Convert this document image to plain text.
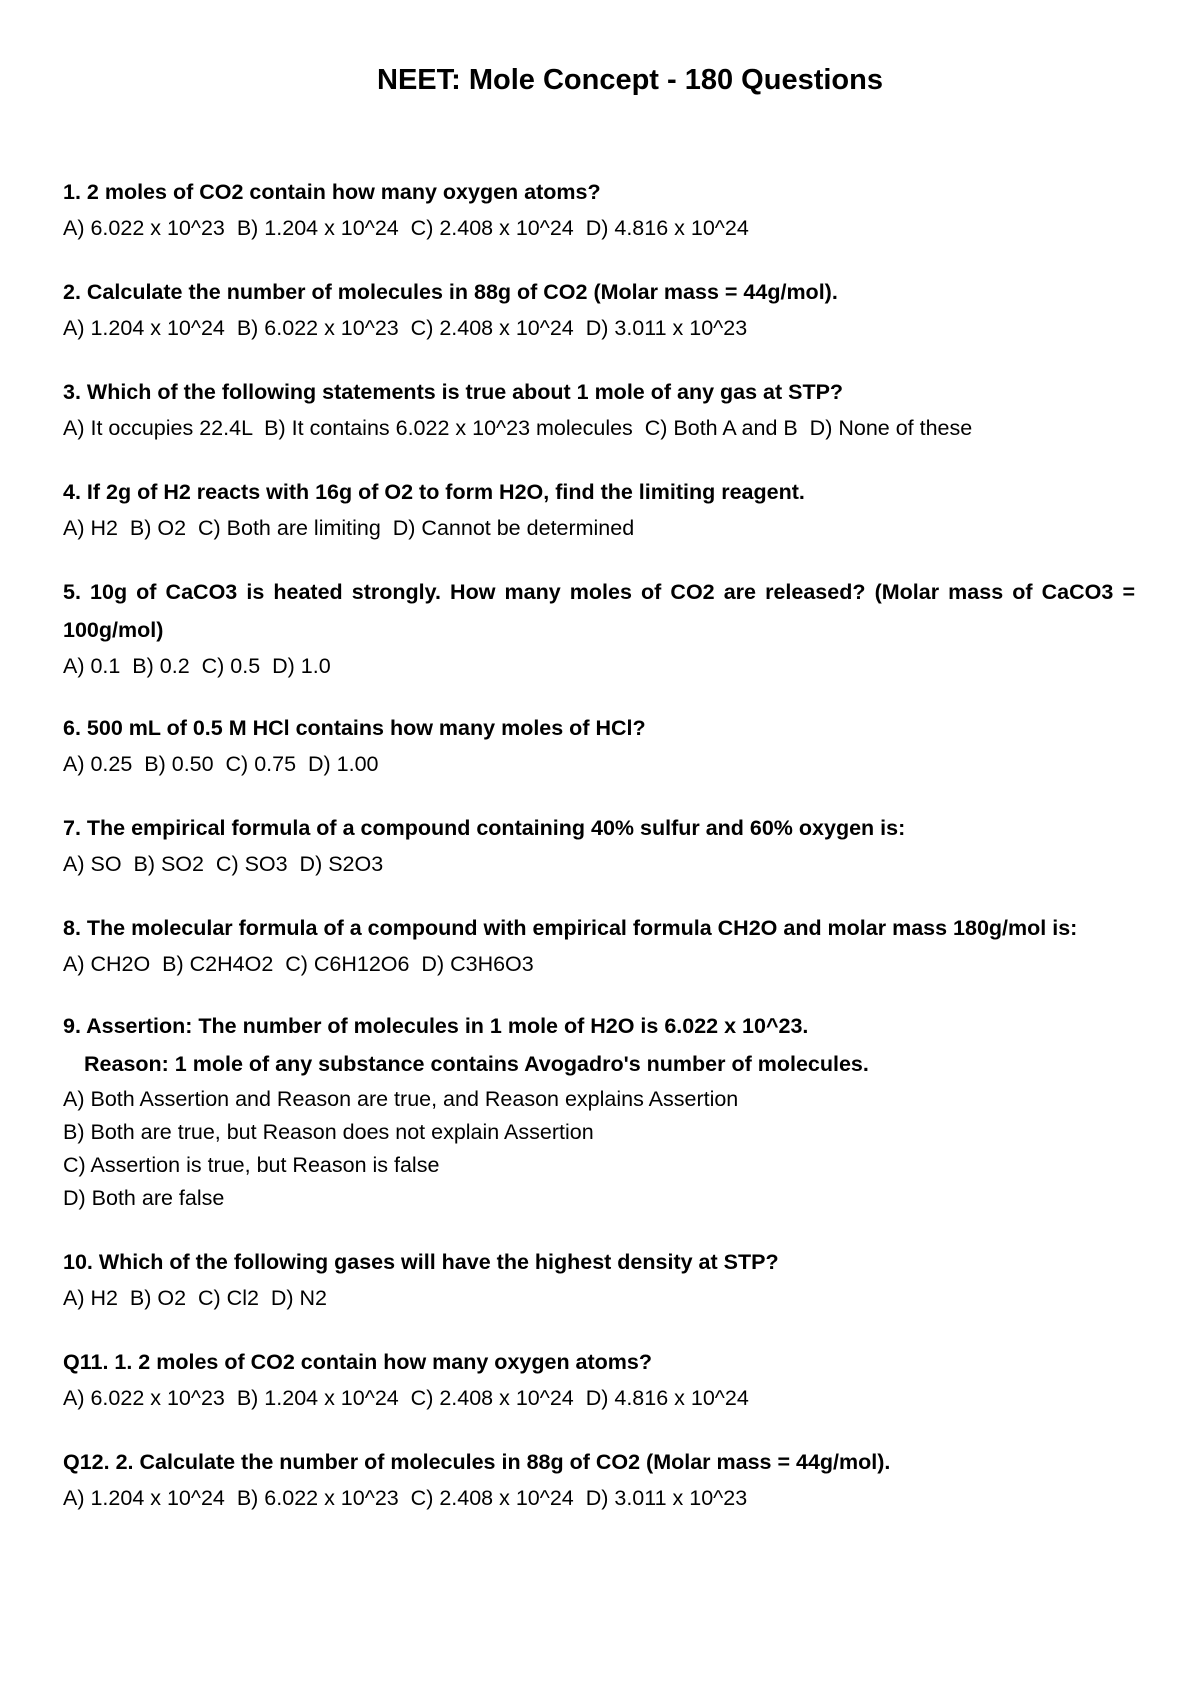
NEET: Mole Concept - 180 Questions

1. 2 moles of CO2 contain how many oxygen atoms?

A) 6.022 x 10^23  B) 1.204 x 10^24  C) 2.408 x 10^24  D) 4.816 x 10^24

2. Calculate the number of molecules in 88g of CO2 (Molar mass = 44g/mol).

A) 1.204 x 10^24  B) 6.022 x 10^23  C) 2.408 x 10^24  D) 3.011 x 10^23

3. Which of the following statements is true about 1 mole of any gas at STP?

A) It occupies 22.4L  B) It contains 6.022 x 10^23 molecules  C) Both A and B  D) None of these

4. If 2g of H2 reacts with 16g of O2 to form H2O, find the limiting reagent.

A) H2  B) O2  C) Both are limiting  D) Cannot be determined

5. 10g of CaCO3 is heated strongly. How many moles of CO2 are released? (Molar mass of CaCO3 = 100g/mol)

A) 0.1  B) 0.2  C) 0.5  D) 1.0

6. 500 mL of 0.5 M HCl contains how many moles of HCl?

A) 0.25  B) 0.50  C) 0.75  D) 1.00

7. The empirical formula of a compound containing 40% sulfur and 60% oxygen is:

A) SO  B) SO2  C) SO3  D) S2O3

8. The molecular formula of a compound with empirical formula CH2O and molar mass 180g/mol is:

A) CH2O  B) C2H4O2  C) C6H12O6  D) C3H6O3

9. Assertion: The number of molecules in 1 mole of H2O is 6.022 x 10^23.

Reason: 1 mole of any substance contains Avogadro's number of molecules.

A) Both Assertion and Reason are true, and Reason explains Assertion

B) Both are true, but Reason does not explain Assertion

C) Assertion is true, but Reason is false

D) Both are false

10. Which of the following gases will have the highest density at STP?

A) H2  B) O2  C) Cl2  D) N2

Q11. 1. 2 moles of CO2 contain how many oxygen atoms?

A) 6.022 x 10^23  B) 1.204 x 10^24  C) 2.408 x 10^24  D) 4.816 x 10^24

Q12. 2. Calculate the number of molecules in 88g of CO2 (Molar mass = 44g/mol).

A) 1.204 x 10^24  B) 6.022 x 10^23  C) 2.408 x 10^24  D) 3.011 x 10^23
